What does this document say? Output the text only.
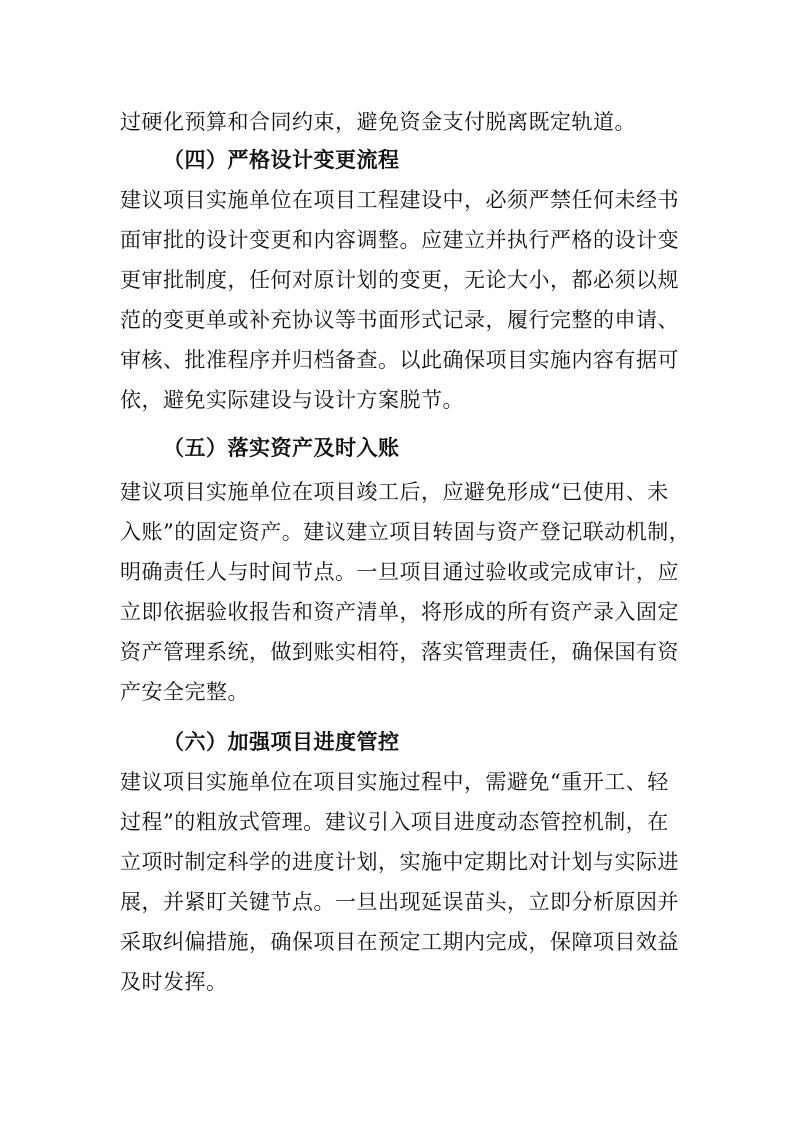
过硬化预算和合同约束，避免资金支付脱离既定轨道。
（四）严格设计变更流程
建议项目实施单位在项目工程建设中，必须严禁任何未经书
面审批的设计变更和内容调整。应建立并执行严格的设计变
更审批制度，任何对原计划的变更，无论大小，都必须以规
范的变更单或补充协议等书面形式记录，履行完整的申请、
审核、批准程序并归档备查。以此确保项目实施内容有据可
依，避免实际建设与设计方案脱节。
（五）落实资产及时入账
建议项目实施单位在项目竣工后，应避免形成“已使用、未
入账”的固定资产。建议建立项目转固与资产登记联动机制，
明确责任人与时间节点。一旦项目通过验收或完成审计，应
立即依据验收报告和资产清单，将形成的所有资产录入固定
资产管理系统，做到账实相符，落实管理责任，确保国有资
产安全完整。
（六）加强项目进度管控
建议项目实施单位在项目实施过程中，需避免“重开工、轻
过程”的粗放式管理。建议引入项目进度动态管控机制，在
立项时制定科学的进度计划，实施中定期比对计划与实际进
展，并紧盯关键节点。一旦出现延误苗头，立即分析原因并
采取纠偏措施，确保项目在预定工期内完成，保障项目效益
及时发挥。
